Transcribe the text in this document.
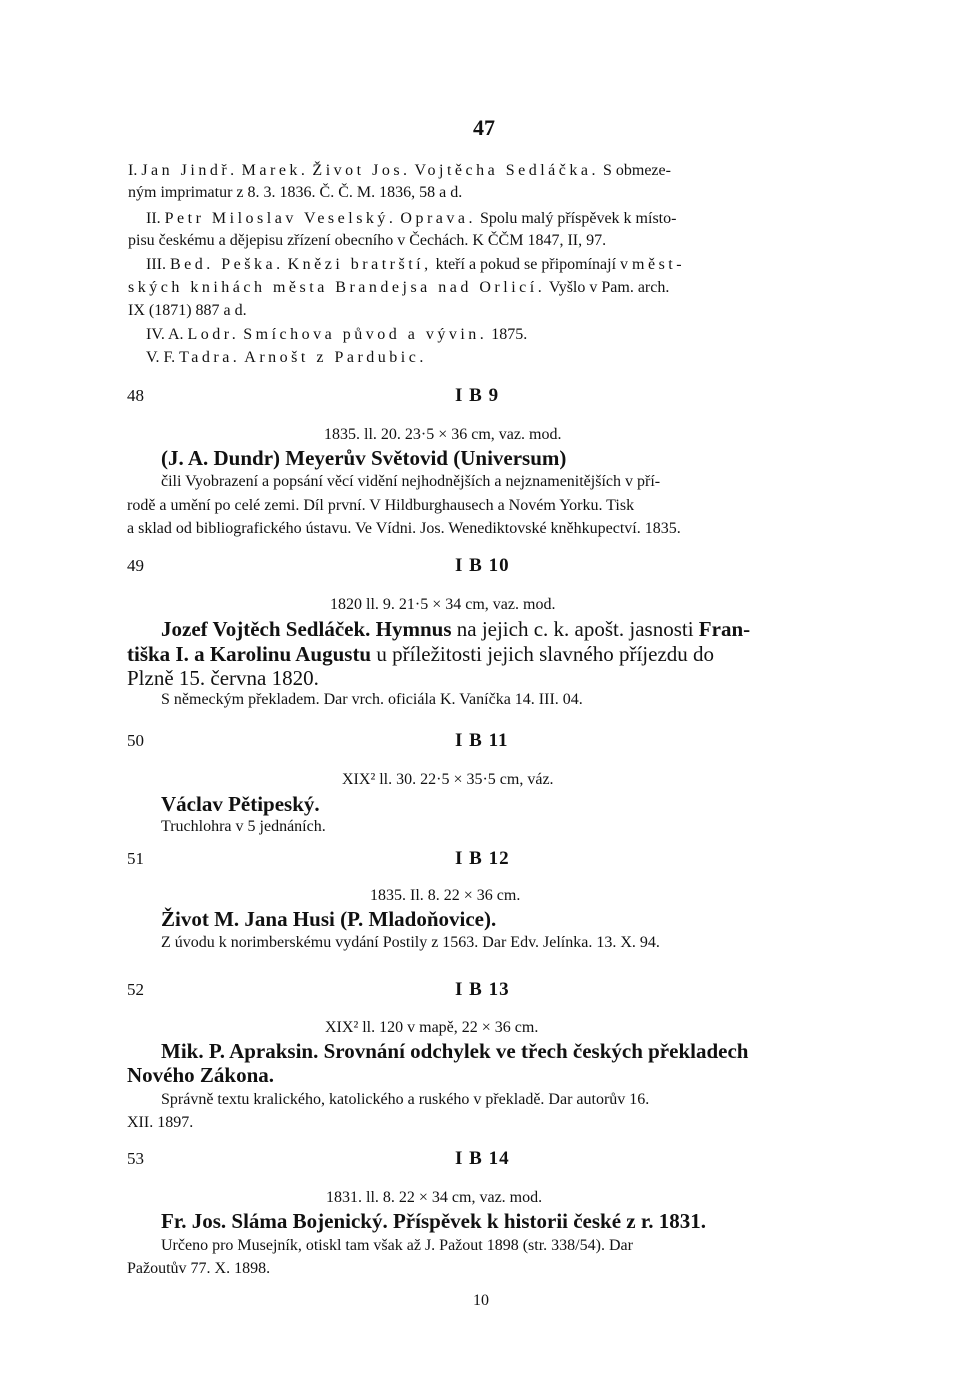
47
I. Jan Jindř. Marek. Život Jos. Vojtěcha Sedláčka. S obmeze-
ným imprimatur z 8. 3. 1836. Č. Č. M. 1836, 58 a d.
II. Petr Miloslav Veselský. Oprava. Spolu malý příspěvek k místo-
pisu českému a dějepisu zřízení obecního v Čechách. K ČČM 1847, II, 97.
III. Bed. Peška. Knězi bratrští, kteří a pokud se připomínají v měst-
ských knihách města Brandejsa nad Orlicí. Vyšlo v Pam. arch.
IX (1871) 887 a d.
IV. A. Lodr. Smíchova původ a vývin. 1875.
V. F. Tadra. Arnošt z Pardubic.
48	I B 9
1835. ll. 20. 23·5 × 36 cm, vaz. mod.
(J. A. Dundr) Meyerův Světovid (Universum)
čili Vyobrazení a popsání věcí vidění nejhodnějších a nejznamenitějších v pří-
rodě a umění po celé zemi. Díl první. V Hildburghausech a Novém Yorku. Tisk
a sklad od bibliografického ústavu. Ve Vídni. Jos. Wenediktovské kněhkupectví. 1835.
49	I B 10
1820 ll. 9. 21·5 × 34 cm, vaz. mod.
Jozef Vojtěch Sedláček. Hymnus na jejich c. k. apošt. jasnosti Fran-
tiška I. a Karolinu Augustu u příležitosti jejich slavného příjezdu do
Plzně 15. června 1820.
S německým překladem. Dar vrch. oficiála K. Vaníčka 14. III. 04.
50	I B 11
XIX² ll. 30. 22·5 × 35·5 cm, váz.
Václav Pětipeský.
Truchlohra v 5 jednáních.
51	I B 12
1835. Il. 8. 22 × 36 cm.
Život M. Jana Husi (P. Mladoňovice).
Z úvodu k norimberskému vydání Postily z 1563. Dar Edv. Jelínka. 13. X. 94.
52	I B 13
XIX² ll. 120 v mapě, 22 × 36 cm.
Mik. P. Apraksin. Srovnání odchylek ve třech českých překladech
Nového Zákona.
Správně textu kralického, katolického a ruského v překladě. Dar autorův 16.
XII. 1897.
53	I B 14
1831. ll. 8. 22 × 34 cm, vaz. mod.
Fr. Jos. Sláma Bojenický. Příspěvek k historii české z r. 1831.
Určeno pro Musejník, otiskl tam však až J. Pažout 1898 (str. 338/54). Dar
Pažoutův 77. X. 1898.
10
